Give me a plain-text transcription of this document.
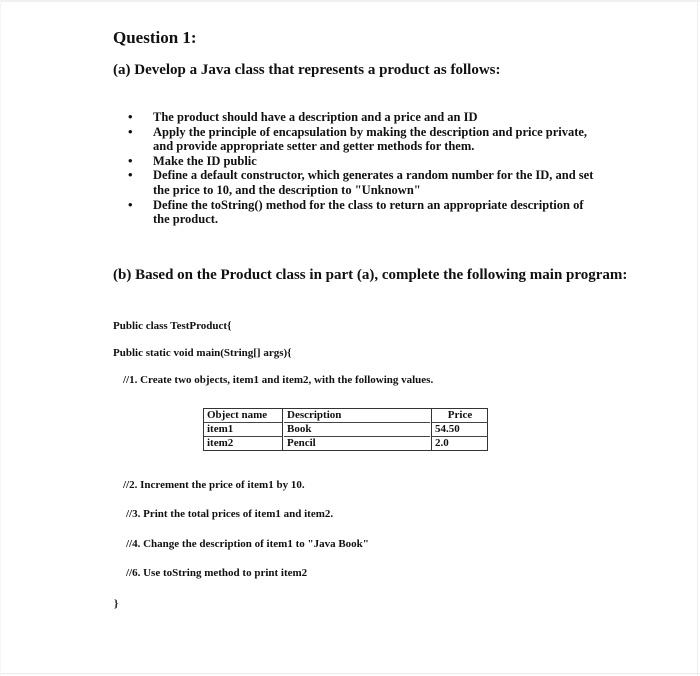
Question 1:
(a) Develop a Java class that represents a product as follows:
• The product should have a description and a price and an ID
• Apply the principle of encapsulation by making the description and price private, and provide appropriate setter and getter methods for them.
• Make the ID public
• Define a default constructor, which generates a random number for the ID, and set the price to 10, and the description to "Unknown"
• Define the toString() method for the class to return an appropriate description of the product.
(b) Based on the Product class in part (a), complete the following main program:
Public class TestProduct{
Public static void main(String[] args){
//1. Create two objects, item1 and item2, with the following values.
Object name
item1
item2
Description
Book
Pencil
Price
54.50
2.0
//2. Increment the price of item1 by 10.
//3. Print the total prices of item1 and item2.
//4. Change the description of item1 to "Java Book"
//6. Use toString method to print item2
}
